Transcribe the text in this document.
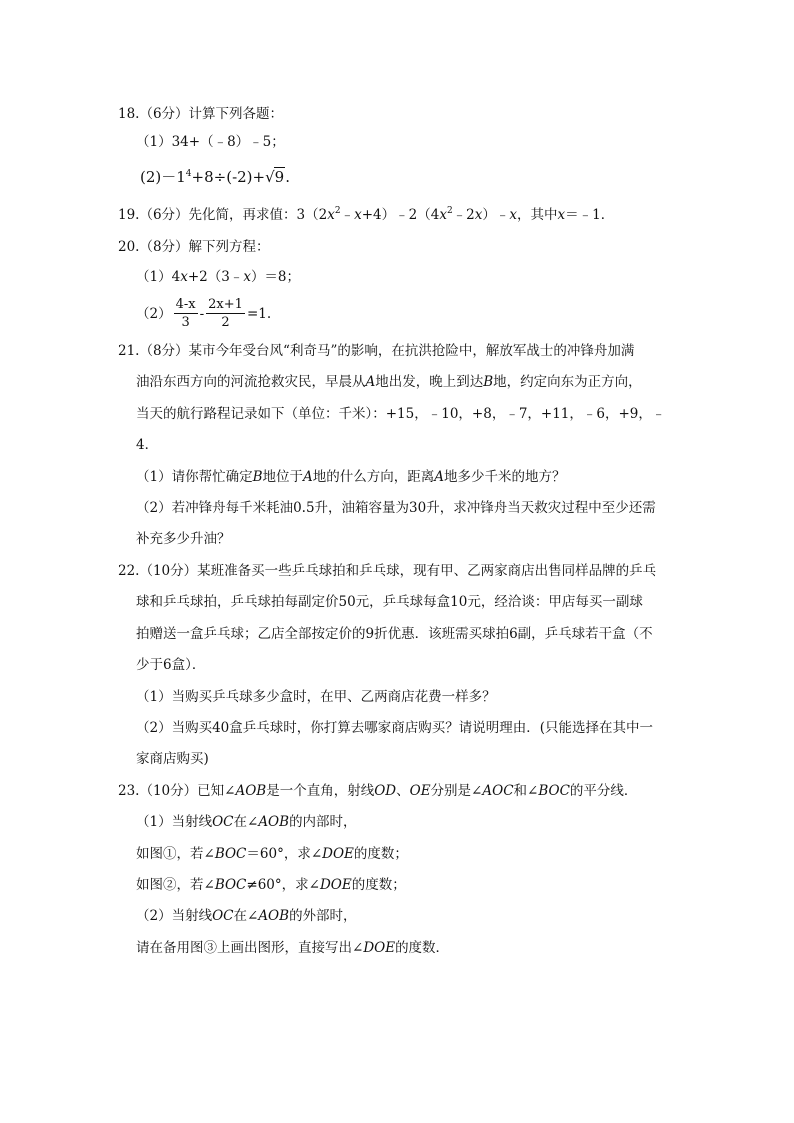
18.（6分）计算下列各题：
（1）34+（﹣8）﹣5；
$(2)-1^4+8\div(-2)+√9$.
19.（6分）先化简，再求值：$3(2x^2﹣x+4)﹣2(4x^2﹣2x)﹣x$，其中x＝﹣1．
20.（8分）解下列方程：
（1）4x+2（3﹣x）＝8；
$(2) \frac{4-x}{3} - \frac{2x+1}{2} =1$.
21.（8分）某市今年受台风“利奇马”的影响，在抗洪抢险中，解放军战士的冲锋舟加满
油沿东西方向的河流抢救灾民，早晨从A地出发，晚上到达B地，约定向东为正方向，
当天的航行路程记录如下（单位：千米）：+15，﹣10，+8，﹣7，+11，﹣6，+9，﹣
4．
（1）请你帮忙确定B地位于A地的什么方向，距离A地多少千米的地方？
（2）若冲锋舟每千米耗油0.5升，油箱容量为30升，求冲锋舟当天救灾过程中至少还需
补充多少升油？
22.（10分）某班准备买一些乒乓球拍和乒乓球，现有甲、乙两家商店出售同样品牌的乒乓
球和乒乓球拍，乒乓球拍每副定价50元，乒乓球每盒10元，经洽谈：甲店每买一副球
拍赠送一盒乒乓球；乙店全部按定价的9折优惠．该班需买球拍6副，乒乓球若干盒（不
少于6盒）．
（1）当购买乒乓球多少盒时，在甲、乙两商店花费一样多？
（2）当购买40盒乒乓球时，你打算去哪家商店购买？请说明理由．(只能选择在其中一
家商店购买)
23.（10分）已知∠AOB是一个直角，射线OD、OE分别是∠AOC和∠BOC的平分线．
（1）当射线OC在∠AOB的内部时，
如图①，若∠BOC＝60°，求∠DOE的度数；
如图②，若∠BOC≠60°，求∠DOE的度数；
（2）当射线OC在∠AOB的外部时，
请在备用图③上画出图形，直接写出∠DOE的度数．
